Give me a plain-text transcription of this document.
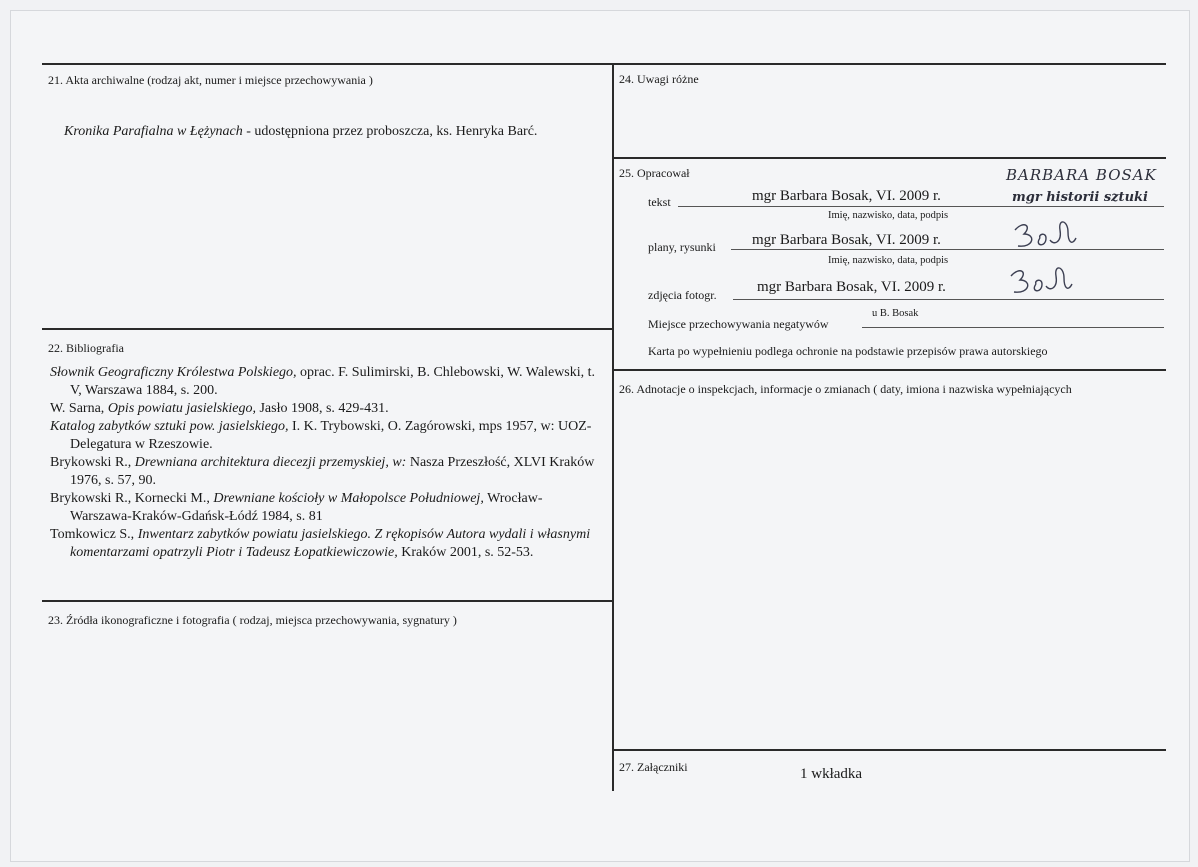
21. Akta archiwalne (rodzaj akt, numer i miejsce przechowywania )
Kronika Parafialna w Łężynach - udostępniona przez proboszcza, ks. Henryka Barć.
22. Bibliografia

Słownik Geograficzny Królestwa Polskiego, oprac. F. Sulimirski, B. Chlebowski, W. Walewski, t. V, Warszawa 1884, s. 200.

W. Sarna, Opis powiatu jasielskiego, Jasło 1908, s. 429-431.

Katalog zabytków sztuki pow. jasielskiego, I. K. Trybowski, O. Zagórowski, mps 1957, w: UOZ-Delegatura w Rzeszowie.

Brykowski R., Drewniana architektura diecezji przemyskiej, w: Nasza Przeszłość, XLVI Kraków 1976, s. 57, 90.

Brykowski R., Kornecki M., Drewniane kościoły w Małopolsce Południowej, Wrocław-Warszawa-Kraków-Gdańsk-Łódź 1984, s. 81

Tomkowicz S., Inwentarz zabytków powiatu jasielskiego. Z rękopisów Autora wydali i własnymi komentarzami opatrzyli Piotr i Tadeusz Łopatkiewiczowie, Kraków 2001, s. 52-53.

23. Źródła ikonograficzne i fotografia ( rodzaj, miejsca przechowywania, sygnatury )
24. Uwagi różne
25. Opracował	BARBARA BOSAK
mgr historii sztuki
tekst	mgr Barbara Bosak, VI. 2009 r.
Imię, nazwisko, data, podpis
plany, rysunki mgr Barbara Bosak, VI. 2009 r.
Imię, nazwisko, data, podpis
zdjęcia fotogr.	mgr Barbara Bosak, VI. 2009 r.
Miejsce przechowywania negatywów
u B. Bosak
Karta po wypełnieniu podlega ochronie na podstawie przepisów prawa autorskiego
26. Adnotacje o inspekcjach, informacje o zmianach ( daty, imiona i nazwiska wypełniających
27. Załączniki	1 wkładka
